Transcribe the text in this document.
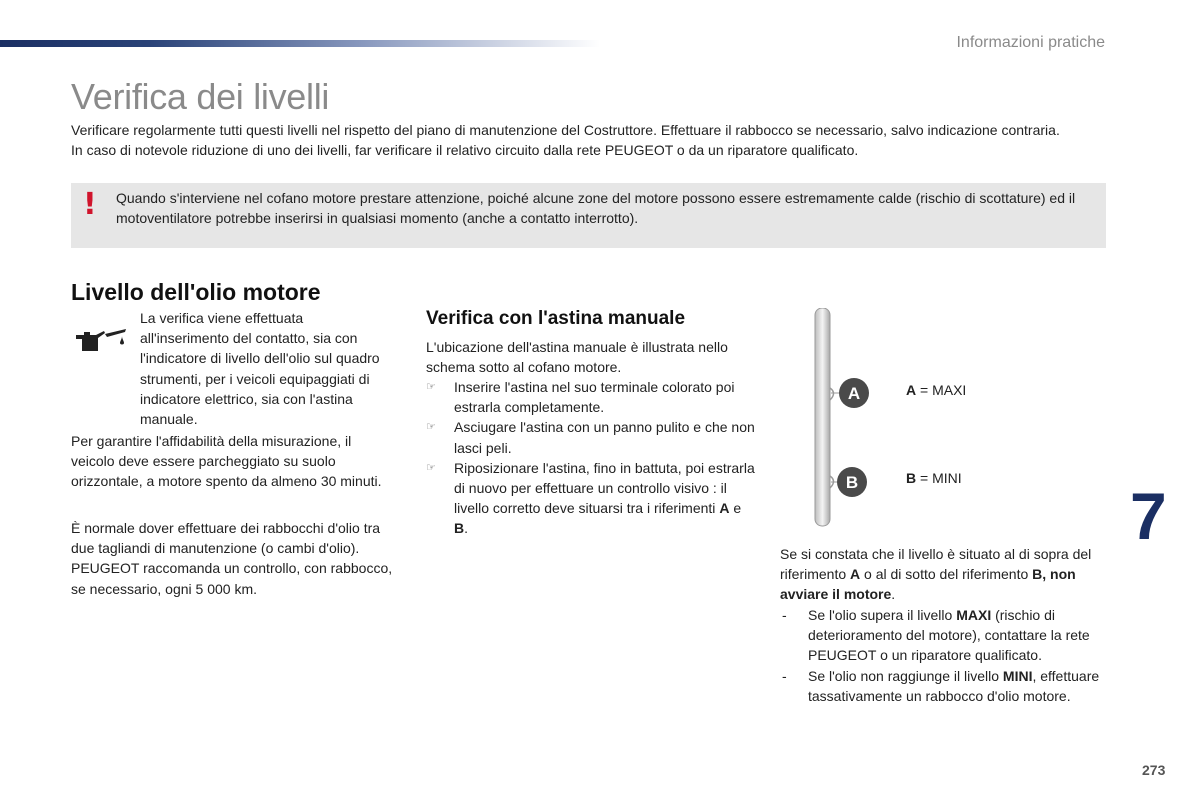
Informazioni pratiche
Verifica dei livelli

Verificare regolarmente tutti questi livelli nel rispetto del piano di manutenzione del Costruttore. Effettuare il rabbocco se necessario, salvo indicazione contraria.

In caso di notevole riduzione di uno dei livelli, far verificare il relativo circuito dalla rete PEUGEOT o da un riparatore qualificato.

! Quando s'interviene nel cofano motore prestare attenzione, poiché alcune zone del motore possono essere estremamente calde (rischio di scottature) ed il motoventilatore potrebbe inserirsi in qualsiasi momento (anche a contatto interrotto).
Livello dell'olio motore
La verifica viene effettuata all'inserimento del contatto, sia con l'indicatore di livello dell'olio sul quadro strumenti, per i veicoli equipaggiati di indicatore elettrico, sia con l'astina manuale.
Per garantire l'affidabilità della misurazione, il veicolo deve essere parcheggiato su suolo orizzontale, a motore spento da almeno 30 minuti.
È normale dover effettuare dei rabbocchi d'olio tra due tagliandi di manutenzione (o cambi d'olio). PEUGEOT raccomanda un controllo, con rabbocco, se necessario, ogni 5 000 km.
Verifica con l'astina manuale
L'ubicazione dell'astina manuale è illustrata nello schema sotto al cofano motore.
☞ Inserire l'astina nel suo terminale colorato poi estrarla completamente.
☞ Asciugare l'astina con un panno pulito e che non lasci peli.
☞ Riposizionare l'astina, fino in battuta, poi estrarla di nuovo per effettuare un controllo visivo : il livello corretto deve situarsi tra i riferimenti A e B.
A
B
A = MAXI
B = MINI
7
Se si constata che il livello è situato al di sopra del riferimento A o al di sotto del riferimento B, non avviare il motore.
- Se l'olio supera il livello MAXI (rischio di deterioramento del motore), contattare la rete PEUGEOT o un riparatore qualificato.
- Se l'olio non raggiunge il livello MINI, effettuare tassativamente un rabbocco d'olio motore.
273
